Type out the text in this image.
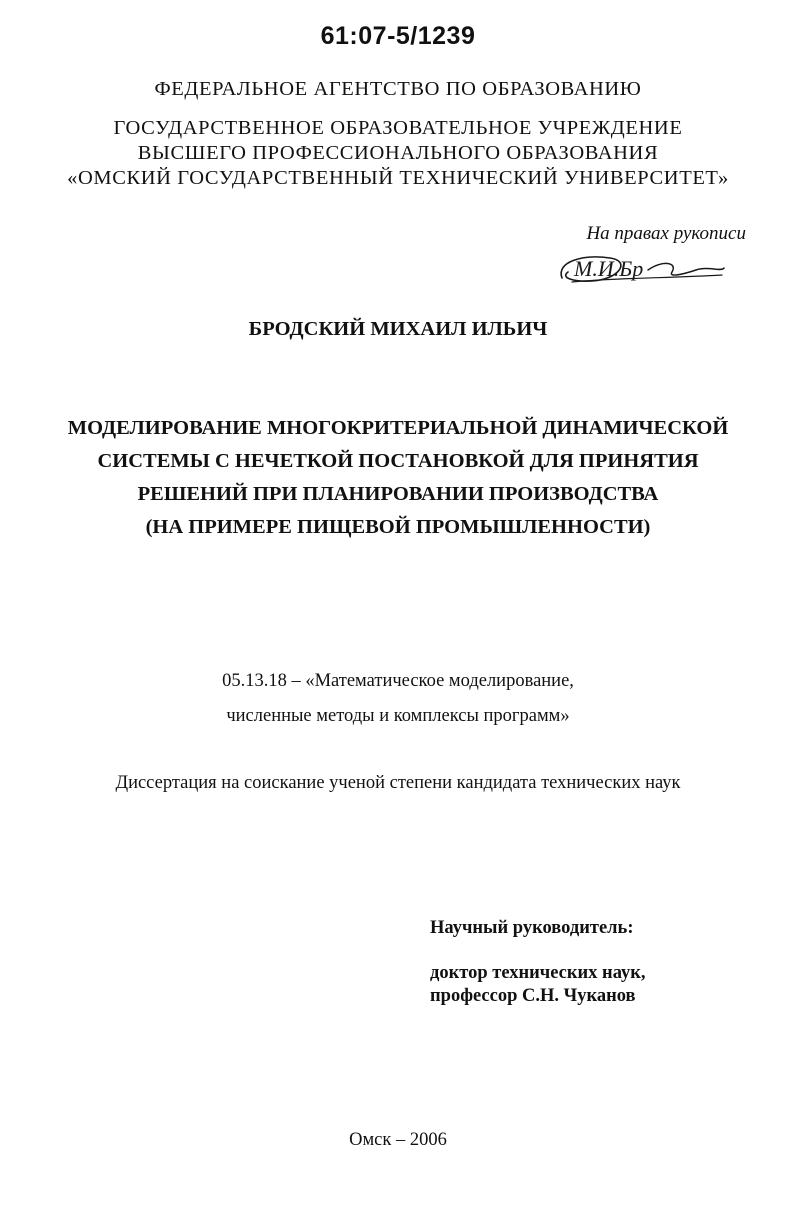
61:07-5/1239
ФЕДЕРАЛЬНОЕ АГЕНТСТВО ПО ОБРАЗОВАНИЮ
ГОСУДАРСТВЕННОЕ ОБРАЗОВАТЕЛЬНОЕ УЧРЕЖДЕНИЕ
ВЫСШЕГО ПРОФЕССИОНАЛЬНОГО ОБРАЗОВАНИЯ
«ОМСКИЙ ГОСУДАРСТВЕННЫЙ ТЕХНИЧЕСКИЙ УНИВЕРСИТЕТ»
На правах рукописи
М.И.Бр
БРОДСКИЙ МИХАИЛ ИЛЬИЧ
МОДЕЛИРОВАНИЕ МНОГОКРИТЕРИАЛЬНОЙ ДИНАМИЧЕСКОЙ
СИСТЕМЫ С НЕЧЕТКОЙ ПОСТАНОВКОЙ ДЛЯ ПРИНЯТИЯ
РЕШЕНИЙ ПРИ ПЛАНИРОВАНИИ ПРОИЗВОДСТВА
(НА ПРИМЕРЕ ПИЩЕВОЙ ПРОМЫШЛЕННОСТИ)
05.13.18 – «Математическое моделирование,
численные методы и комплексы программ»
Диссертация на соискание ученой степени кандидата технических наук
Научный руководитель:
доктор технических наук,
профессор С.Н. Чуканов
Омск – 2006
